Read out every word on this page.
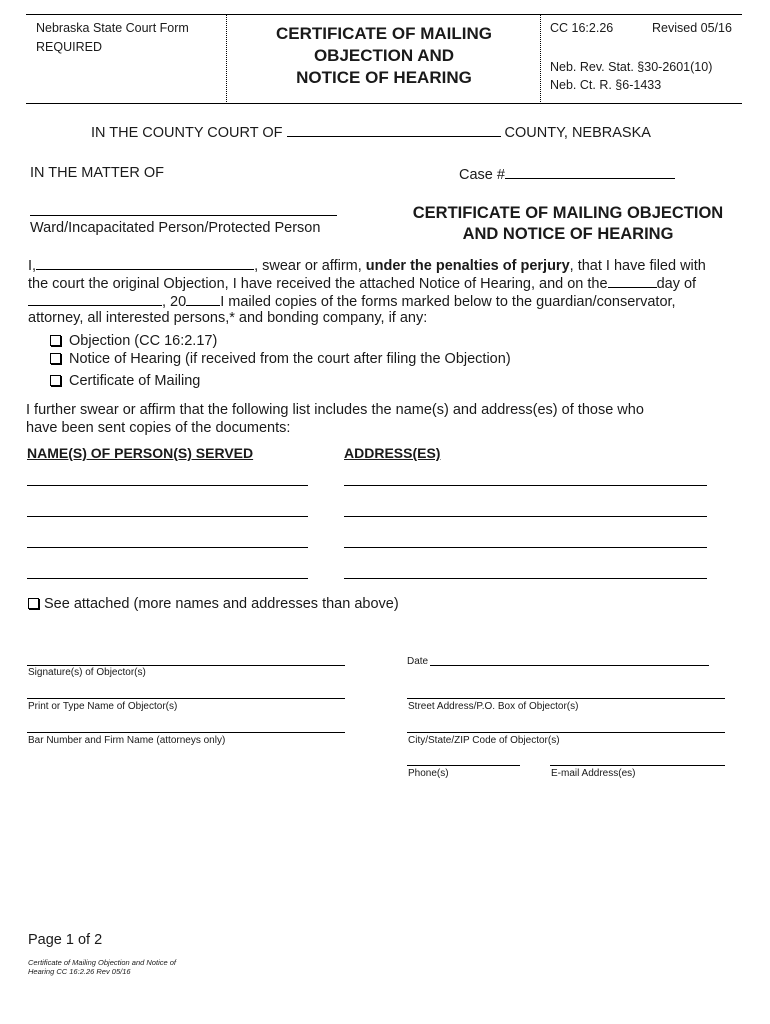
Nebraska State Court Form
REQUIRED
CERTIFICATE OF MAILING
OBJECTION AND
NOTICE OF HEARING
CC 16:2.26	Revised 05/16
Neb. Rev. Stat. §30-2601(10)
Neb. Ct. R. §6-1433
IN THE COUNTY COURT OF	COUNTY, NEBRASKA
IN THE MATTER OF	Case #
Ward/Incapacitated Person/Protected Person
CERTIFICATE OF MAILING OBJECTION
AND NOTICE OF HEARING
I,	, swear or affirm, under the penalties of perjury, that I have filed with
the court the original Objection, I have received the attached Notice of Hearing, and on the	day of
, 20 I mailed copies of the forms marked below to the guardian/conservator,
attorney, all interested persons,* and bonding company, if any:
Objection (CC 16:2.17)
Notice of Hearing (if received from the court after filing the Objection)
Certificate of Mailing
I further swear or affirm that the following list includes the name(s) and address(es) of those who
have been sent copies of the documents:
NAME(S) OF PERSON(S) SERVED	ADDRESS(ES)
See attached (more names and addresses than above)
Signature(s) of Objector(s)
Date
Print or Type Name of Objector(s)	Street Address/P.O. Box of Objector(s)
Bar Number and Firm Name (attorneys only)	City/State/ZIP Code of Objector(s)
Phone(s)	E-mail Address(es)
Page 1 of 2
Certificate of Mailing Objection and Notice of
Hearing CC 16:2.26 Rev 05/16
